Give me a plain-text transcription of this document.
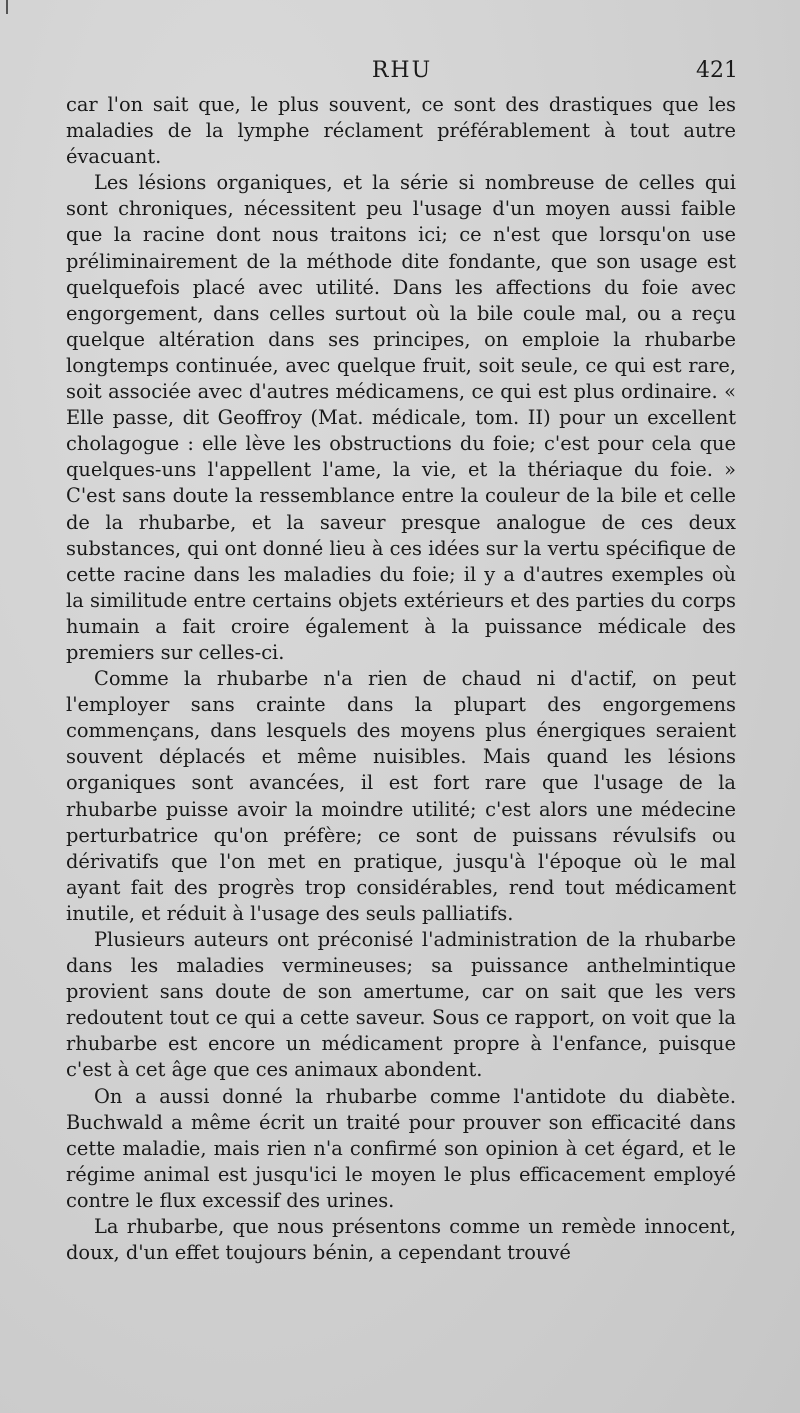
RHU	421

car l'on sait que, le plus souvent, ce sont des drastiques que les maladies de la lymphe réclament préférablement à tout autre évacuant.

Les lésions organiques, et la série si nombreuse de celles qui sont chroniques, nécessitent peu l'usage d'un moyen aussi faible que la racine dont nous traitons ici; ce n'est que lorsqu'on use préliminairement de la méthode dite fondante, que son usage est quelquefois placé avec utilité. Dans les affections du foie avec engorgement, dans celles surtout où la bile coule mal, ou a reçu quelque altération dans ses principes, on emploie la rhubarbe longtemps continuée, avec quelque fruit, soit seule, ce qui est rare, soit associée avec d'autres médicamens, ce qui est plus ordinaire. « Elle passe, dit Geoffroy (Mat. médicale, tom. II) pour un excellent cholagogue : elle lève les obstructions du foie; c'est pour cela que quelques-uns l'appellent l'ame, la vie, et la thériaque du foie. » C'est sans doute la ressemblance entre la couleur de la bile et celle de la rhubarbe, et la saveur presque analogue de ces deux substances, qui ont donné lieu à ces idées sur la vertu spécifique de cette racine dans les maladies du foie; il y a d'autres exemples où la similitude entre certains objets extérieurs et des parties du corps humain a fait croire également à la puissance médicale des premiers sur celles-ci.

Comme la rhubarbe n'a rien de chaud ni d'actif, on peut l'employer sans crainte dans la plupart des engorgemens commençans, dans lesquels des moyens plus énergiques seraient souvent déplacés et même nuisibles. Mais quand les lésions organiques sont avancées, il est fort rare que l'usage de la rhubarbe puisse avoir la moindre utilité; c'est alors une médecine perturbatrice qu'on préfère; ce sont de puissans révulsifs ou dérivatifs que l'on met en pratique, jusqu'à l'époque où le mal ayant fait des progrès trop considérables, rend tout médicament inutile, et réduit à l'usage des seuls palliatifs.

Plusieurs auteurs ont préconisé l'administration de la rhubarbe dans les maladies vermineuses; sa puissance anthelmintique provient sans doute de son amertume, car on sait que les vers redoutent tout ce qui a cette saveur. Sous ce rapport, on voit que la rhubarbe est encore un médicament propre à l'enfance, puisque c'est à cet âge que ces animaux abondent.

On a aussi donné la rhubarbe comme l'antidote du diabète. Buchwald a même écrit un traité pour prouver son efficacité dans cette maladie, mais rien n'a confirmé son opinion à cet égard, et le régime animal est jusqu'ici le moyen le plus efficacement employé contre le flux excessif des urines.

La rhubarbe, que nous présentons comme un remède innocent, doux, d'un effet toujours bénin, a cependant trouvé
